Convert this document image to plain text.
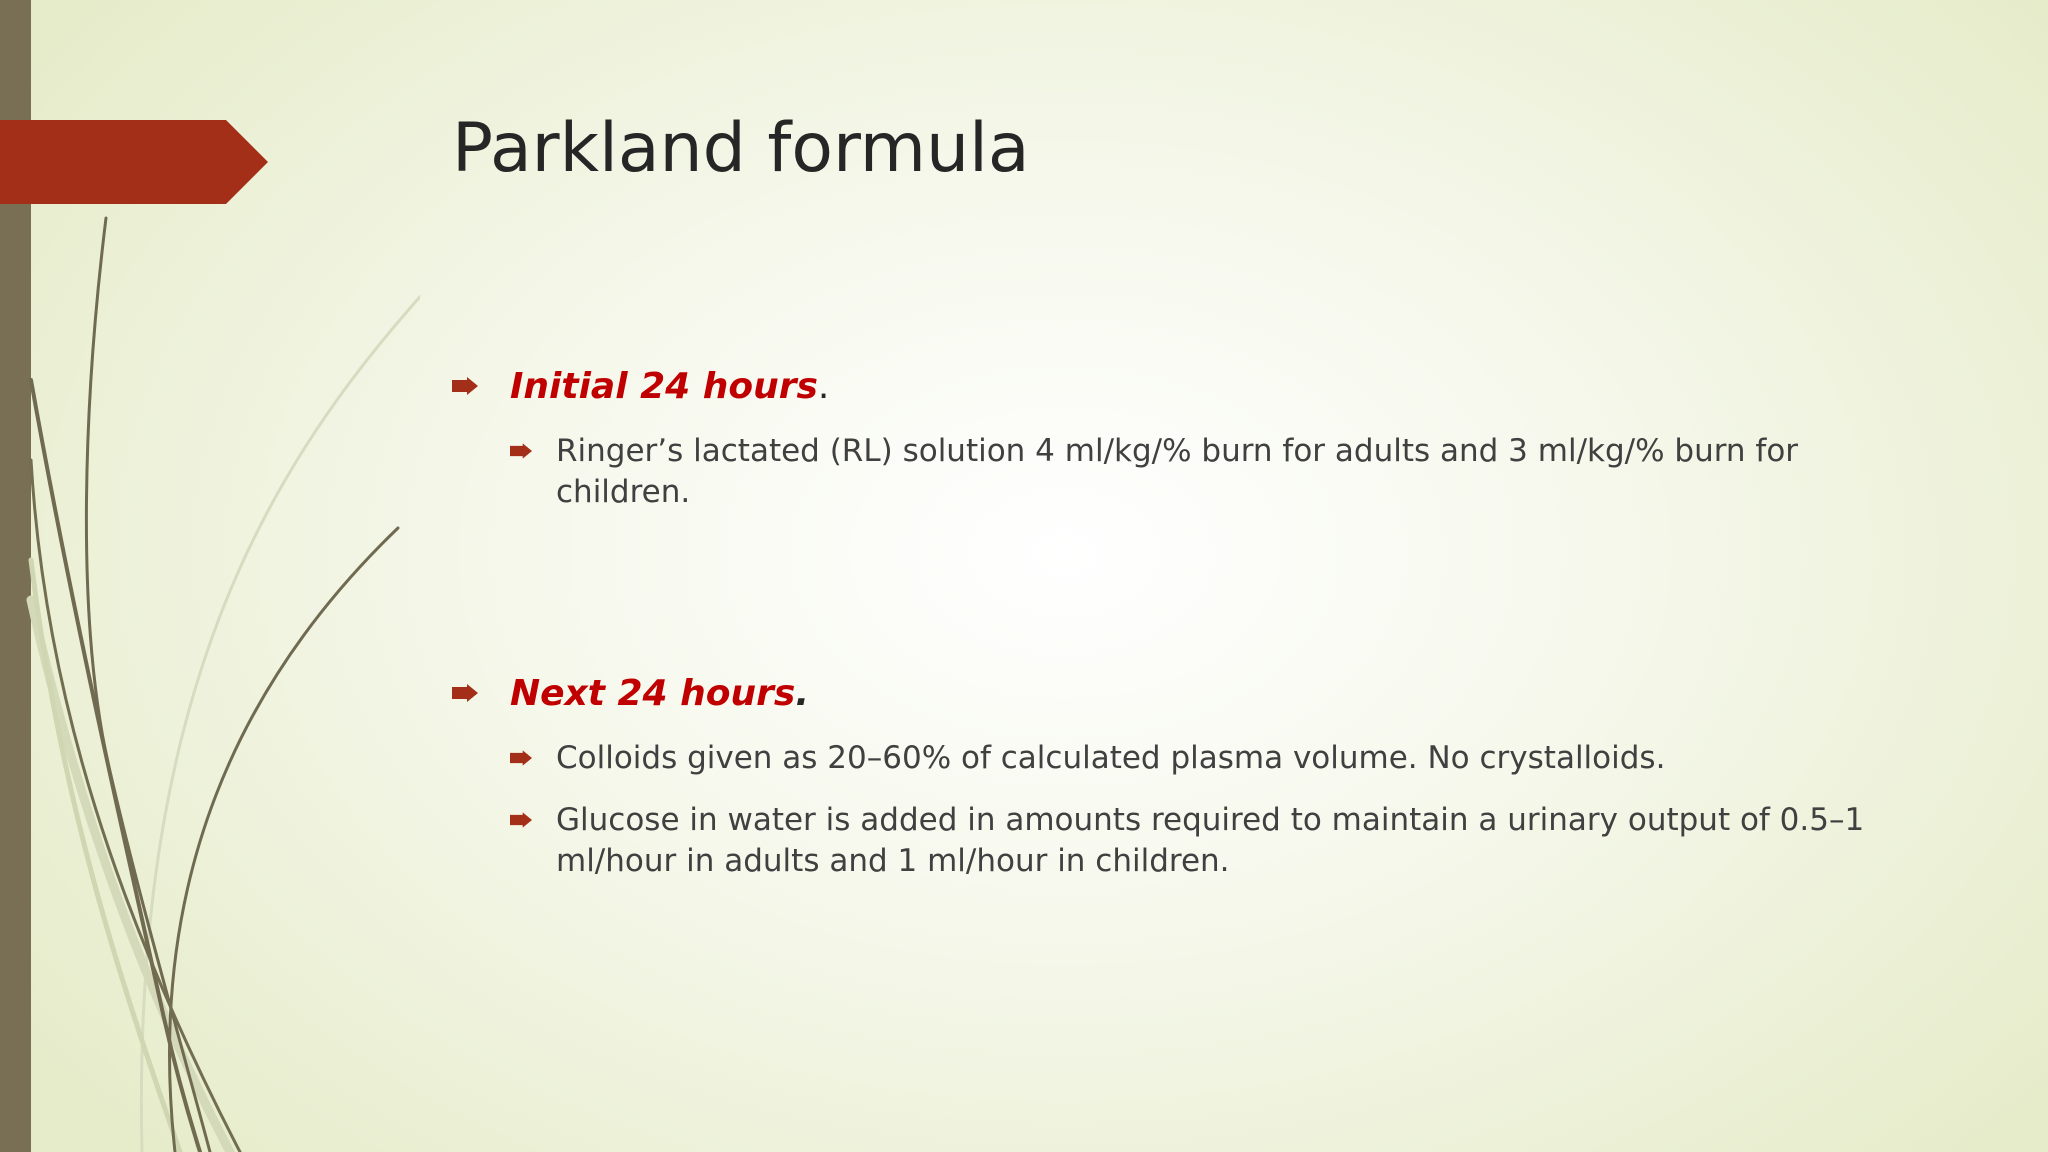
Parkland formula
Initial 24 hours.
Ringer’s lactated (RL) solution 4 ml/kg/% burn for adults and 3 ml/kg/% burn for children.
Next 24 hours.
Colloids given as 20–60% of calculated plasma volume. No crystalloids.
Glucose in water is added in amounts required to maintain a urinary output of 0.5–1 ml/hour in adults and 1 ml/hour in children.
